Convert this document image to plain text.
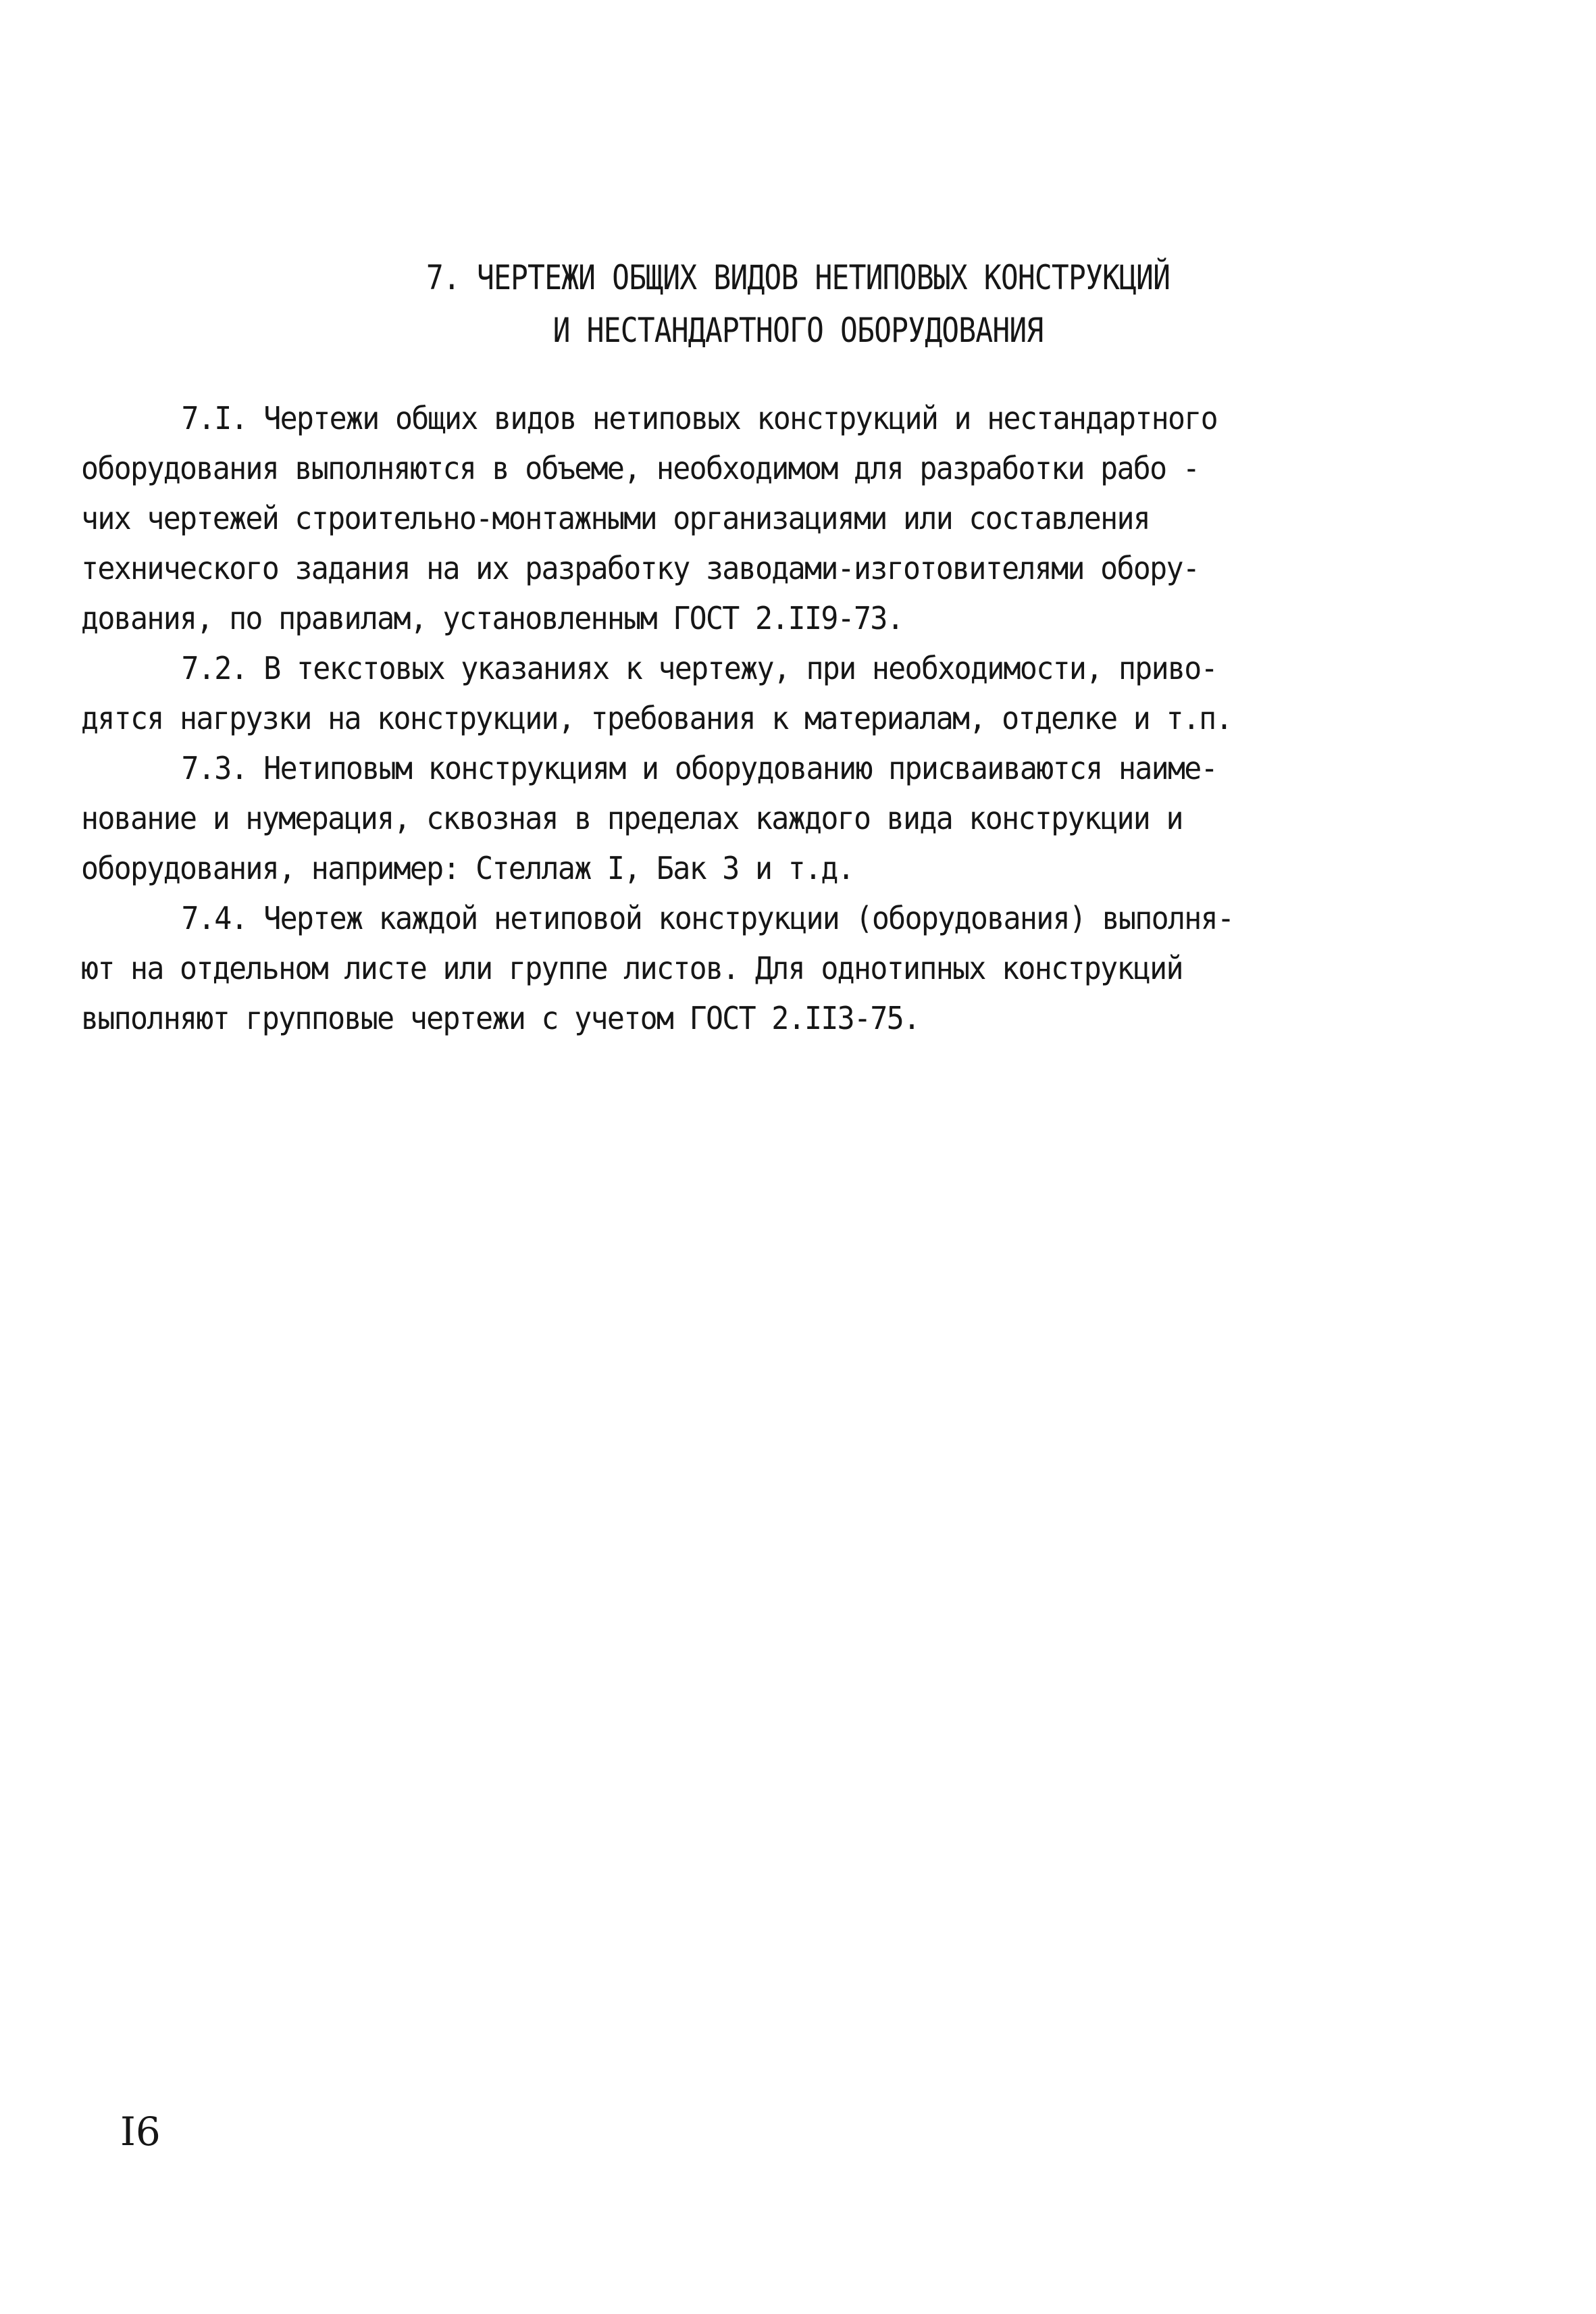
7. ЧЕРТЕЖИ ОБЩИХ ВИДОВ НЕТИПОВЫХ КОНСТРУКЦИЙ
И НЕСТАНДАРТНОГО ОБОРУДОВАНИЯ
7.I. Чертежи общих видов нетиповых конструкций и нестандартного
оборудования выполняются в объеме, необходимом для разработки рабо -
чих чертежей строительно-монтажными организациями или составления
технического задания на их разработку заводами-изготовителями обору-
дования, по правилам, установленным ГОСТ 2.II9-73.
7.2. В текстовых указаниях к чертежу, при необходимости, приво-
дятся нагрузки на конструкции, требования к материалам, отделке и т.п.
7.3. Нетиповым конструкциям и оборудованию присваиваются наиме-
нование и нумерация, сквозная в пределах каждого вида конструкции и
оборудования, например: Стеллаж I, Бак 3 и т.д.
7.4. Чертеж каждой нетиповой конструкции (оборудования) выполня-
ют на отдельном листе или группе листов. Для однотипных конструкций
выполняют групповые чертежи с учетом ГОСТ 2.II3-75.
I6
